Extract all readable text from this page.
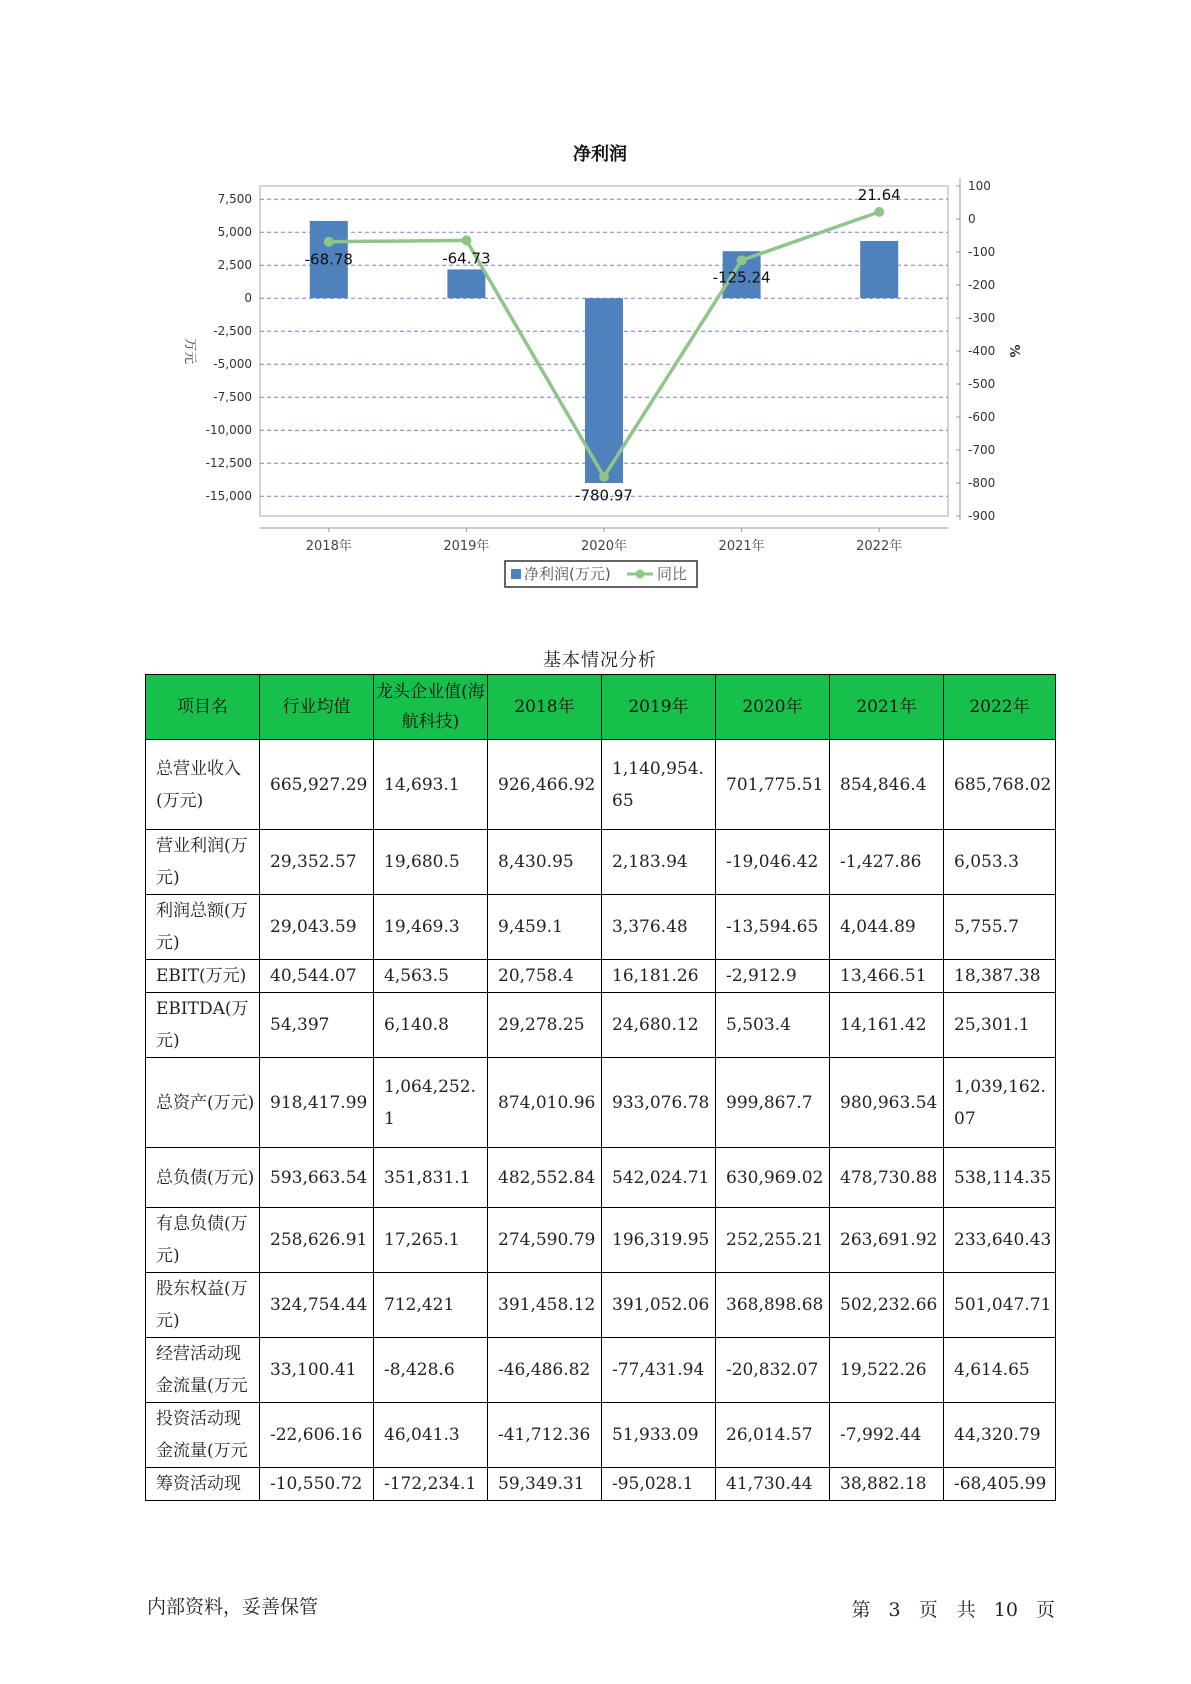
净利润
7,500
5,000
2,500
0
-2,500
-5,000
-7,500
-10,000
-12,500
-15,000
100
0
-100
-200
-300
-400
-500
-600
-700
-800
-900
-68.78	-64.73
-780.97
-125.24
21.64
2018年	2019年	2020年	2021年	2022年
万元	%
净利润(万元)	同比
基本情况分析
项目名	行业均值	龙头企业值(海航科技)	2018年	2019年	2020年	2021年	2022年
总营业收入(万元)	665,927.29	14,693.1	926,466.92	1,140,954.65	701,775.51	854,846.4	685,768.02
营业利润(万元)	29,352.57	19,680.5	8,430.95	2,183.94	-19,046.42	-1,427.86	6,053.3
利润总额(万元)	29,043.59	19,469.3	9,459.1	3,376.48	-13,594.65	4,044.89	5,755.7
EBIT(万元)	40,544.07	4,563.5	20,758.4	16,181.26	-2,912.9	13,466.51	18,387.38
EBITDA(万元)	54,397	6,140.8	29,278.25	24,680.12	5,503.4	14,161.42	25,301.1
总资产(万元)	918,417.99	1,064,252.1	874,010.96	933,076.78	999,867.7	980,963.54	1,039,162.07
总负债(万元)	593,663.54	351,831.1	482,552.84	542,024.71	630,969.02	478,730.88	538,114.35
有息负债(万元)	258,626.91	17,265.1	274,590.79	196,319.95	252,255.21	263,691.92	233,640.43
股东权益(万元)	324,754.44	712,421	391,458.12	391,052.06	368,898.68	502,232.66	501,047.71
经营活动现金流量(万元	33,100.41	-8,428.6	-46,486.82	-77,431.94	-20,832.07	19,522.26	4,614.65
投资活动现金流量(万元	-22,606.16	46,041.3	-41,712.36	51,933.09	26,014.57	-7,992.44	44,320.79
筹资活动现	-10,550.72	-172,234.1	59,349.31	-95,028.1	41,730.44	38,882.18	-68,405.99
内部资料，妥善保管	第 3 页　共 10 页
